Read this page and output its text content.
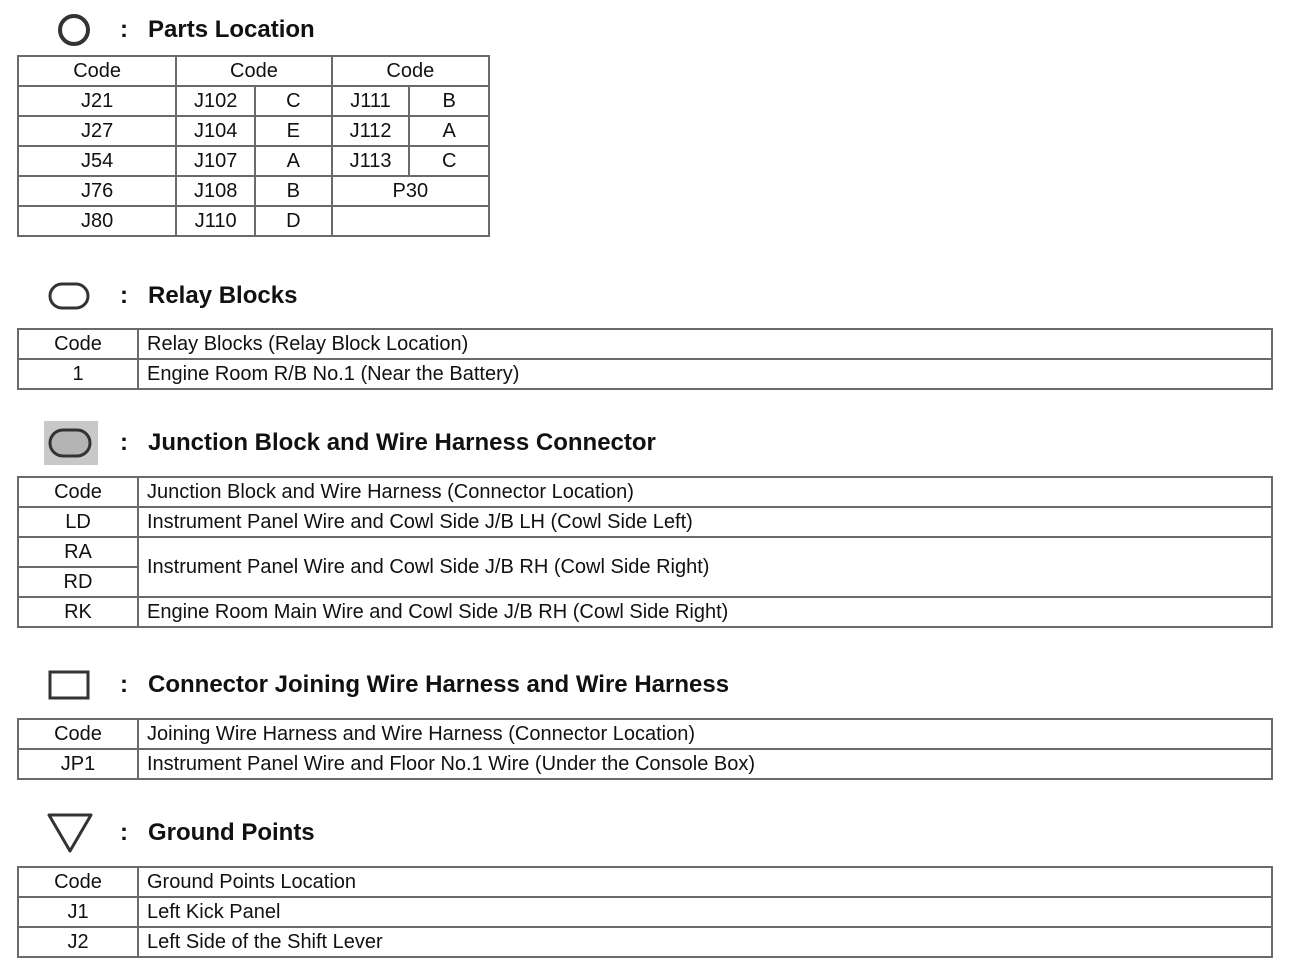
: Parts Location
Code	Code		Code	
J21	J102	C	J111	B
J27	J104	E	J112	A
J54	J107	A	J113	C
J76	J108	B	P30	
J80	J110	D		
: Relay Blocks
Code	Relay Blocks (Relay Block Location)
1	Engine Room R/B No.1 (Near the Battery)
: Junction Block and Wire Harness Connector
Code	Junction Block and Wire Harness (Connector Location)
LD	Instrument Panel Wire and Cowl Side J/B LH (Cowl Side Left)
RA	Instrument Panel Wire and Cowl Side J/B RH (Cowl Side Right)
RD	
RK	Engine Room Main Wire and Cowl Side J/B RH (Cowl Side Right)
: Connector Joining Wire Harness and Wire Harness
Code	Joining Wire Harness and Wire Harness (Connector Location)
JP1	Instrument Panel Wire and Floor No.1 Wire (Under the Console Box)
: Ground Points
Code	Ground Points Location
J1	Left Kick Panel
J2	Left Side of the Shift Lever
